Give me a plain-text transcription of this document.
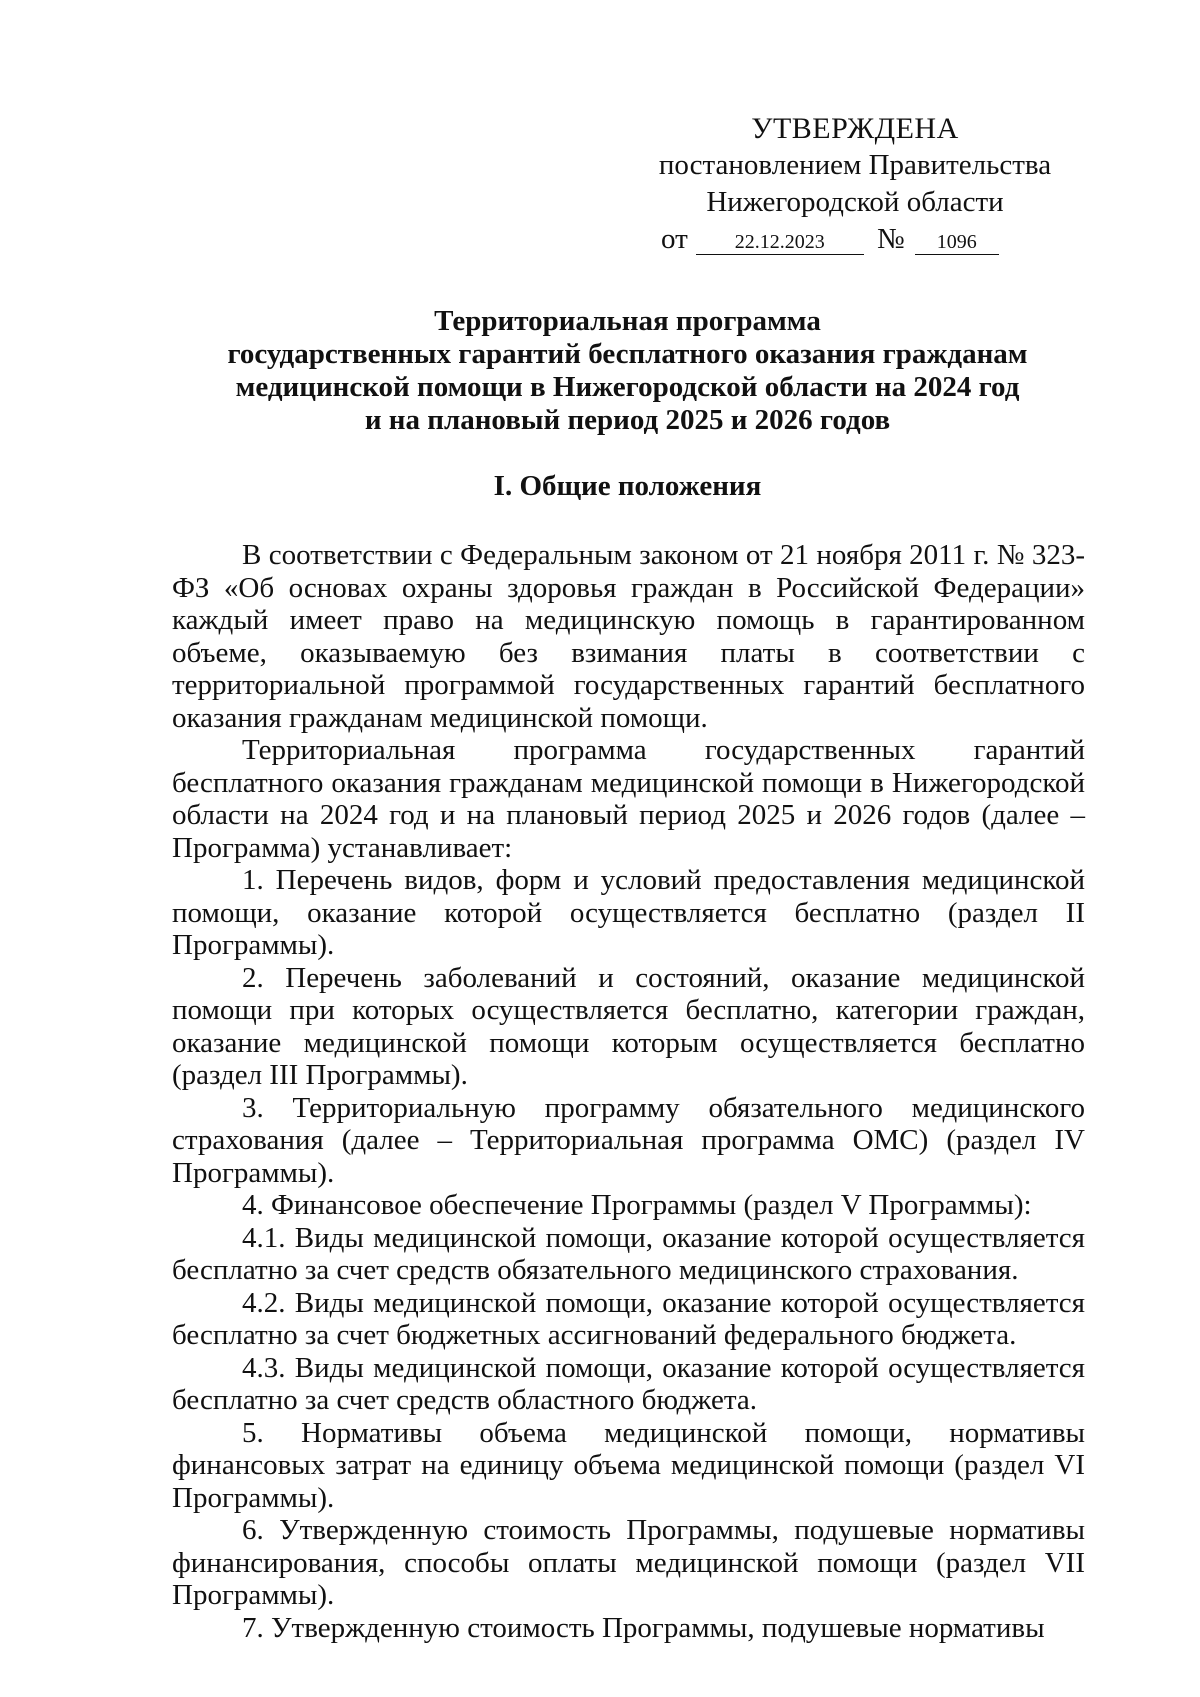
УТВЕРЖДЕНА
постановлением Правительства
Нижегородской области
от 22.12.2023 № 1096
Территориальная программа
государственных гарантий бесплатного оказания гражданам
медицинской помощи в Нижегородской области на 2024 год
и на плановый период 2025 и 2026 годов
I. Общие положения

В соответствии с Федеральным законом от 21 ноября 2011 г. № 323-ФЗ «Об основах охраны здоровья граждан в Российской Федерации» каждый имеет право на медицинскую помощь в гарантированном объеме, оказываемую без взимания платы в соответствии с территориальной программой государственных гарантий бесплатного оказания гражданам медицинской помощи.

Территориальная программа государственных гарантий бесплатного оказания гражданам медицинской помощи в Нижегородской области на 2024 год и на плановый период 2025 и 2026 годов (далее – Программа) устанавливает:

1. Перечень видов, форм и условий предоставления медицинской помощи, оказание которой осуществляется бесплатно (раздел II Программы).

2. Перечень заболеваний и состояний, оказание медицинской помощи при которых осуществляется бесплатно, категории граждан, оказание медицинской помощи которым осуществляется бесплатно (раздел III Программы).

3. Территориальную программу обязательного медицинского страхования (далее – Территориальная программа ОМС) (раздел IV Программы).

4. Финансовое обеспечение Программы (раздел V Программы):

4.1. Виды медицинской помощи, оказание которой осуществляется бесплатно за счет средств обязательного медицинского страхования.

4.2. Виды медицинской помощи, оказание которой осуществляется бесплатно за счет бюджетных ассигнований федерального бюджета.

4.3. Виды медицинской помощи, оказание которой осуществляется бесплатно за счет средств областного бюджета.

5. Нормативы объема медицинской помощи, нормативы финансовых затрат на единицу объема медицинской помощи (раздел VI Программы).

6. Утвержденную стоимость Программы, подушевые нормативы финансирования, способы оплаты медицинской помощи (раздел VII Программы).

7. Утвержденную стоимость Программы, подушевые нормативы
